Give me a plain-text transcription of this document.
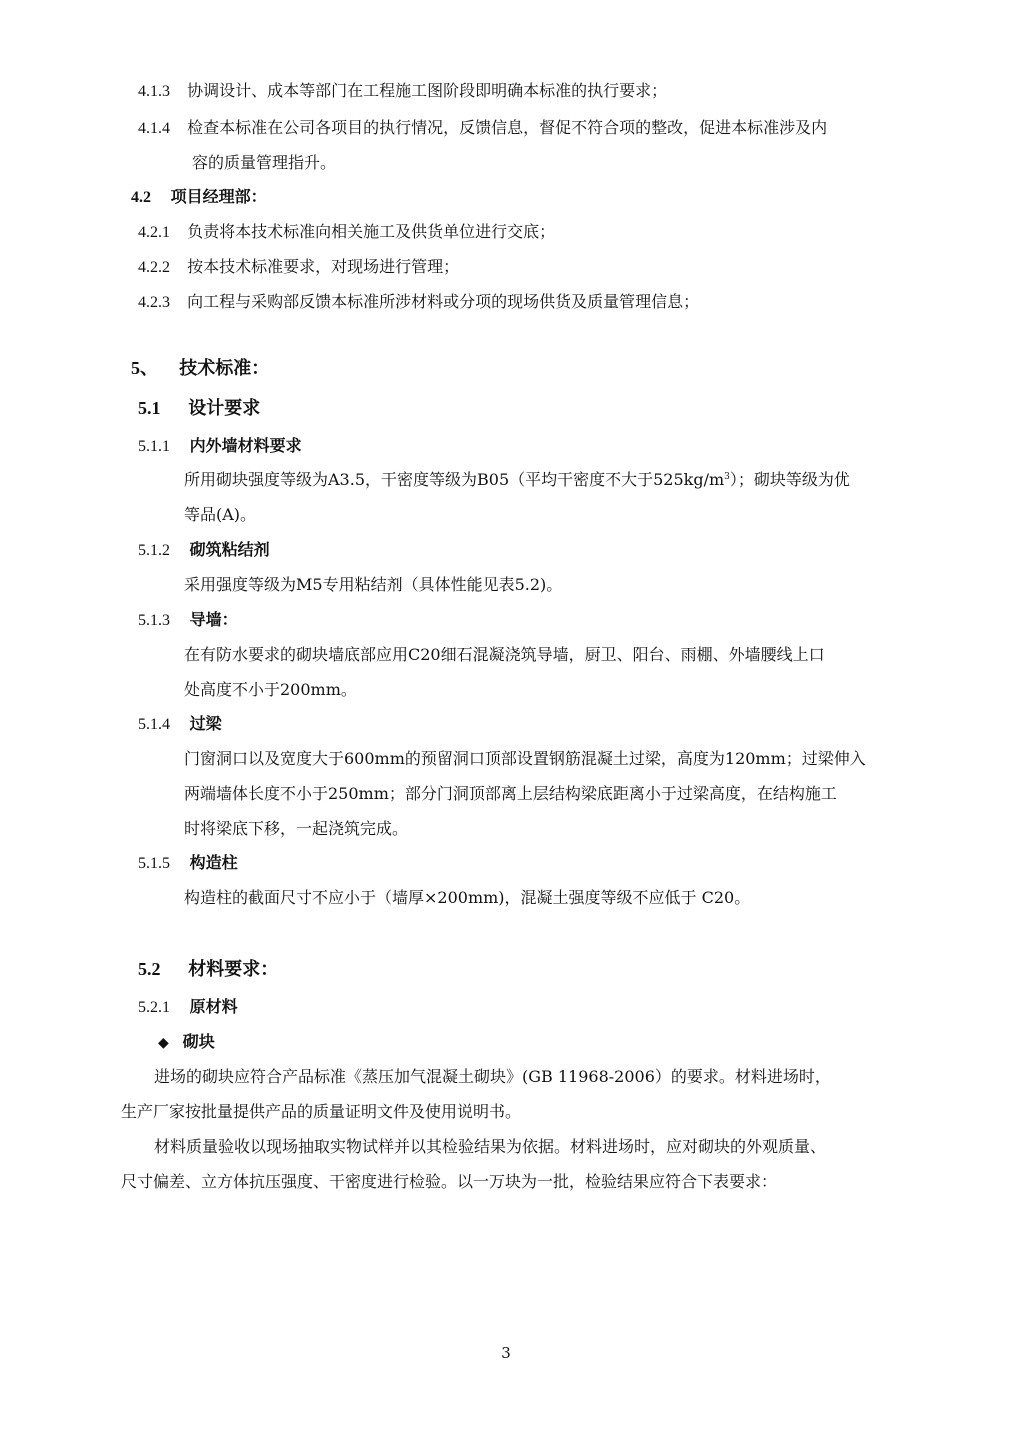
4.1.3 协调设计、成本等部门在工程施工图阶段即明确本标准的执行要求；
4.1.4 检查本标准在公司各项目的执行情况，反馈信息，督促不符合项的整改，促进本标准涉及内
容的质量管理指升。
4.2 项目经理部：
4.2.1 负责将本技术标准向相关施工及供货单位进行交底；
4.2.2 按本技术标准要求，对现场进行管理；
4.2.3 向工程与采购部反馈本标准所涉材料或分项的现场供货及质量管理信息；
5、 技术标准：
5.1 设计要求
5.1.1 内外墙材料要求
所用砌块强度等级为A3.5，干密度等级为B05（平均干密度不大于$525kg/m^3$）；砌块等级为优
等品(A)。
5.1.2 砌筑粘结剂
采用强度等级为M5专用粘结剂（具体性能见表5.2)。
5.1.3 导墙：
在有防水要求的砌块墙底部应用C20细石混凝浇筑导墙，厨卫、阳台、雨棚、外墙腰线上口
处高度不小于200mm。
5.1.4 过梁
门窗洞口以及宽度大于600mm的预留洞口顶部设置钢筋混凝土过梁，高度为120mm；过梁伸入
两端墙体长度不小于250mm；部分门洞顶部离上层结构梁底距离小于过梁高度，在结构施工
时将梁底下移，一起浇筑完成。
5.1.5 构造柱
构造柱的截面尺寸不应小于（墙厚×200mm)，混凝土强度等级不应低于 C20。
5.2 材料要求：
5.2.1 原材料
◆ 砌块
进场的砌块应符合产品标准《蒸压加气混凝土砌块》(GB 11968-2006）的要求。材料进场时，
生产厂家按批量提供产品的质量证明文件及使用说明书。
材料质量验收以现场抽取实物试样并以其检验结果为依据。材料进场时，应对砌块的外观质量、
尺寸偏差、立方体抗压强度、干密度进行检验。以一万块为一批，检验结果应符合下表要求：
3
